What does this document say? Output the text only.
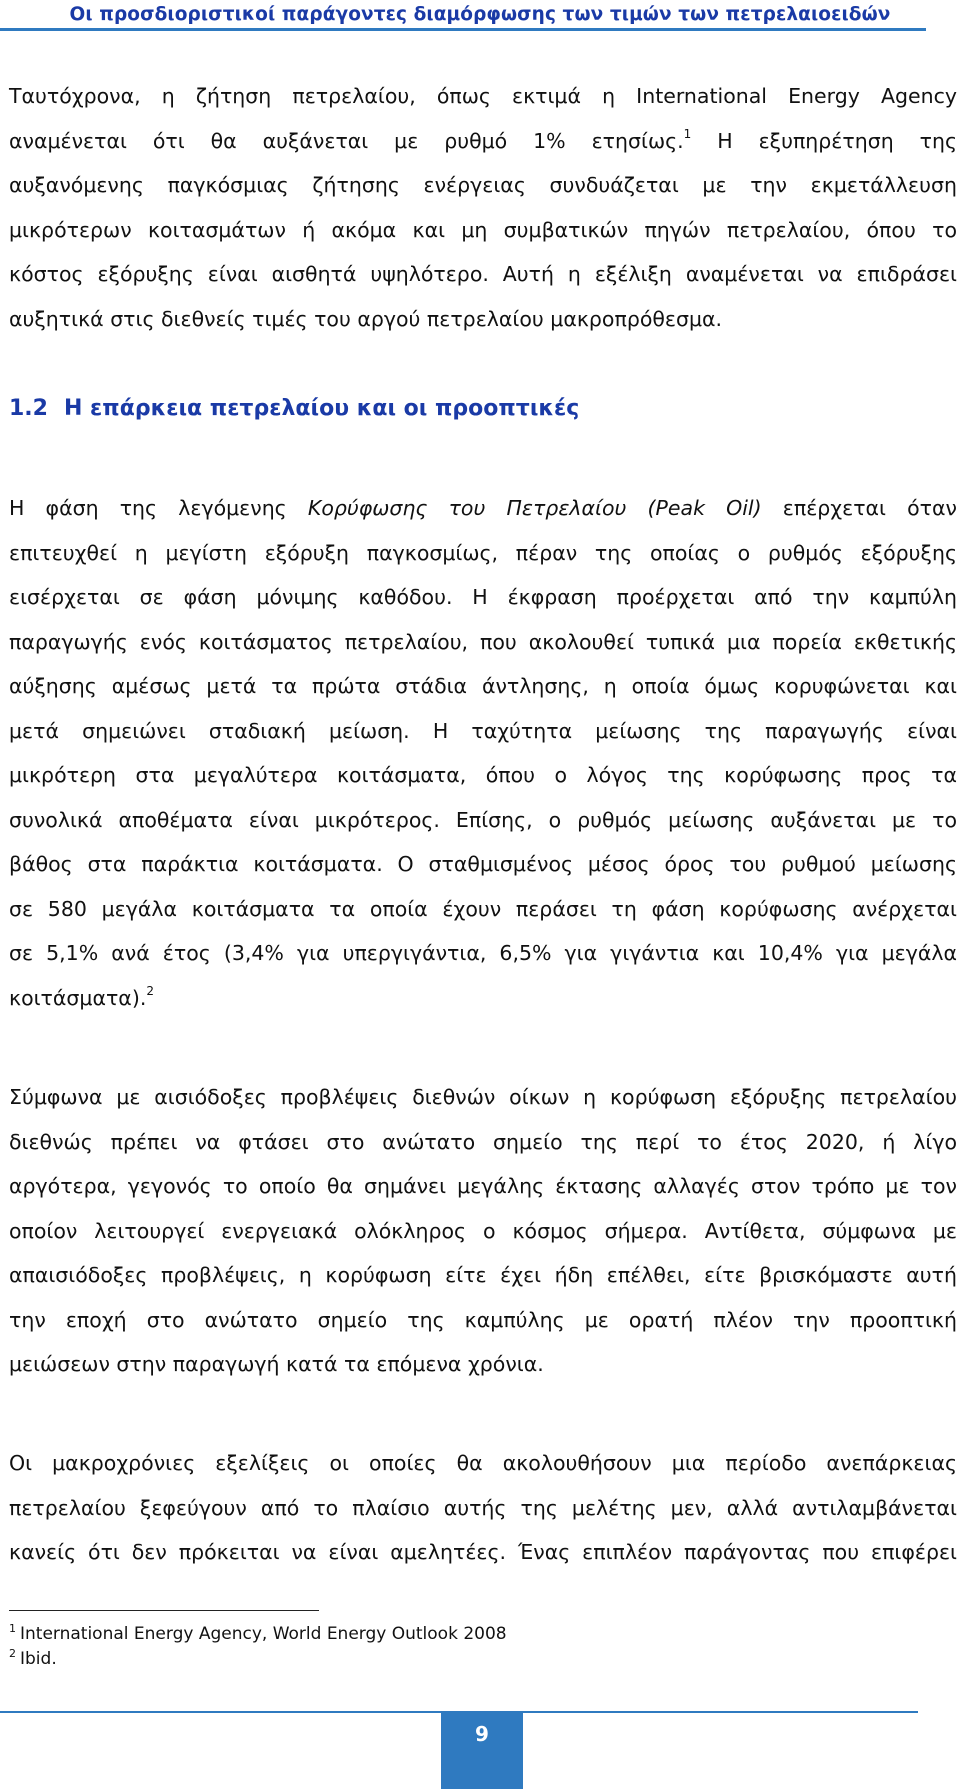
Οι προσδιοριστικοί παράγοντες διαμόρφωσης των τιμών των πετρελαιοειδών
Ταυτόχρονα, η ζήτηση πετρελαίου, όπως εκτιμά η International Energy Agency
αναμένεται ότι θα αυξάνεται με ρυθμό 1% ετησίως.$^1$ Η εξυπηρέτηση της
αυξανόμενης παγκόσμιας ζήτησης ενέργειας συνδυάζεται με την εκμετάλλευση
μικρότερων κοιτασμάτων ή ακόμα και μη συμβατικών πηγών πετρελαίου, όπου το
κόστος εξόρυξης είναι αισθητά υψηλότερο. Αυτή η εξέλιξη αναμένεται να επιδράσει
αυξητικά στις διεθνείς τιμές του αργού πετρελαίου μακροπρόθεσμα.
1.2 Η επάρκεια πετρελαίου και οι προοπτικές
Η φάση της λεγόμενης Κορύφωσης του Πετρελαίου (Peak Oil) επέρχεται όταν
επιτευχθεί η μεγίστη εξόρυξη παγκοσμίως, πέραν της οποίας ο ρυθμός εξόρυξης
εισέρχεται σε φάση μόνιμης καθόδου. Η έκφραση προέρχεται από την καμπύλη
παραγωγής ενός κοιτάσματος πετρελαίου, που ακολουθεί τυπικά μια πορεία εκθετικής
αύξησης αμέσως μετά τα πρώτα στάδια άντλησης, η οποία όμως κορυφώνεται και
μετά σημειώνει σταδιακή μείωση. Η ταχύτητα μείωσης της παραγωγής είναι
μικρότερη στα μεγαλύτερα κοιτάσματα, όπου ο λόγος της κορύφωσης προς τα
συνολικά αποθέματα είναι μικρότερος. Επίσης, ο ρυθμός μείωσης αυξάνεται με το
βάθος στα παράκτια κοιτάσματα. Ο σταθμισμένος μέσος όρος του ρυθμού μείωσης
σε 580 μεγάλα κοιτάσματα τα οποία έχουν περάσει τη φάση κορύφωσης ανέρχεται
σε 5,1% ανά έτος (3,4% για υπεργιγάντια, 6,5% για γιγάντια και 10,4% για μεγάλα
κοιτάσματα).$^2$
Σύμφωνα με αισιόδοξες προβλέψεις διεθνών οίκων η κορύφωση εξόρυξης πετρελαίου
διεθνώς πρέπει να φτάσει στο ανώτατο σημείο της περί το έτος 2020, ή λίγο
αργότερα, γεγονός το οποίο θα σημάνει μεγάλης έκτασης αλλαγές στον τρόπο με τον
οποίον λειτουργεί ενεργειακά ολόκληρος ο κόσμος σήμερα. Αντίθετα, σύμφωνα με
απαισιόδοξες προβλέψεις, η κορύφωση είτε έχει ήδη επέλθει, είτε βρισκόμαστε αυτή
την εποχή στο ανώτατο σημείο της καμπύλης με ορατή πλέον την προοπτική
μειώσεων στην παραγωγή κατά τα επόμενα χρόνια.
Οι μακροχρόνιες εξελίξεις οι οποίες θα ακολουθήσουν μια περίοδο ανεπάρκειας
πετρελαίου ξεφεύγουν από το πλαίσιο αυτής της μελέτης μεν, αλλά αντιλαμβάνεται
κανείς ότι δεν πρόκειται να είναι αμελητέες. Ένας επιπλέον παράγοντας που επιφέρει
$^1$ International Energy Agency, World Energy Outlook 2008
$^2$ Ibid.
9
